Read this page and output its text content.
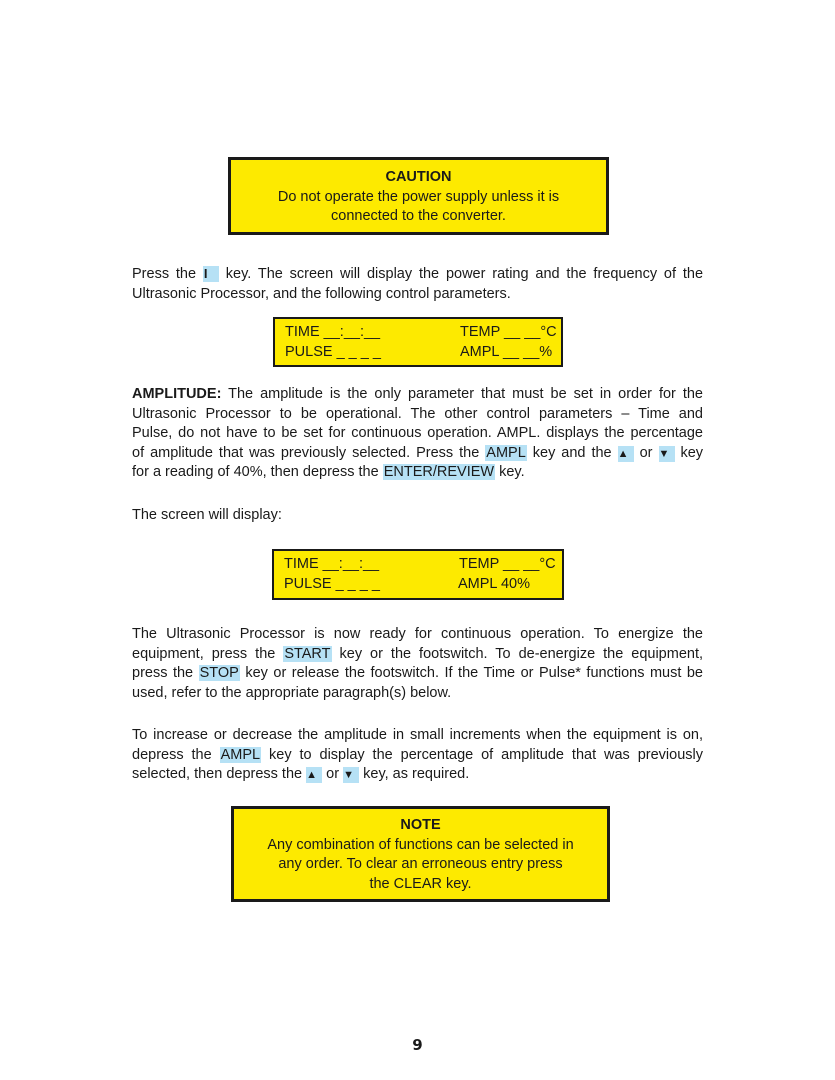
CAUTION
Do not operate the power supply unless it is
connected to the converter.
Press the I key. The screen will display the power rating and the frequency of the
Ultrasonic Processor, and the following control parameters.
TIME __:__:__	TEMP __ __°C
PULSE _ _ _ _	AMPL __ __%
AMPLITUDE: The amplitude is the only parameter that must be set in order for the
Ultrasonic Processor to be operational. The other control parameters – Time and
Pulse, do not have to be set for continuous operation. AMPL. displays the percentage
of amplitude that was previously selected. Press the AMPL key and the ▲ or ▼ key
for a reading of 40%, then depress the ENTER/REVIEW key.
The screen will display:
TIME __:__:__	TEMP __ __°C
PULSE _ _ _ _	AMPL 40%
The Ultrasonic Processor is now ready for continuous operation. To energize the
equipment, press the START key or the footswitch. To de-energize the equipment,
press the STOP key or release the footswitch. If the Time or Pulse* functions must be
used, refer to the appropriate paragraph(s) below.
To increase or decrease the amplitude in small increments when the equipment is on,
depress the AMPL key to display the percentage of amplitude that was previously
selected, then depress the ▲ or ▼ key, as required.
NOTE
Any combination of functions can be selected in
any order. To clear an erroneous entry press
the CLEAR key.
9
